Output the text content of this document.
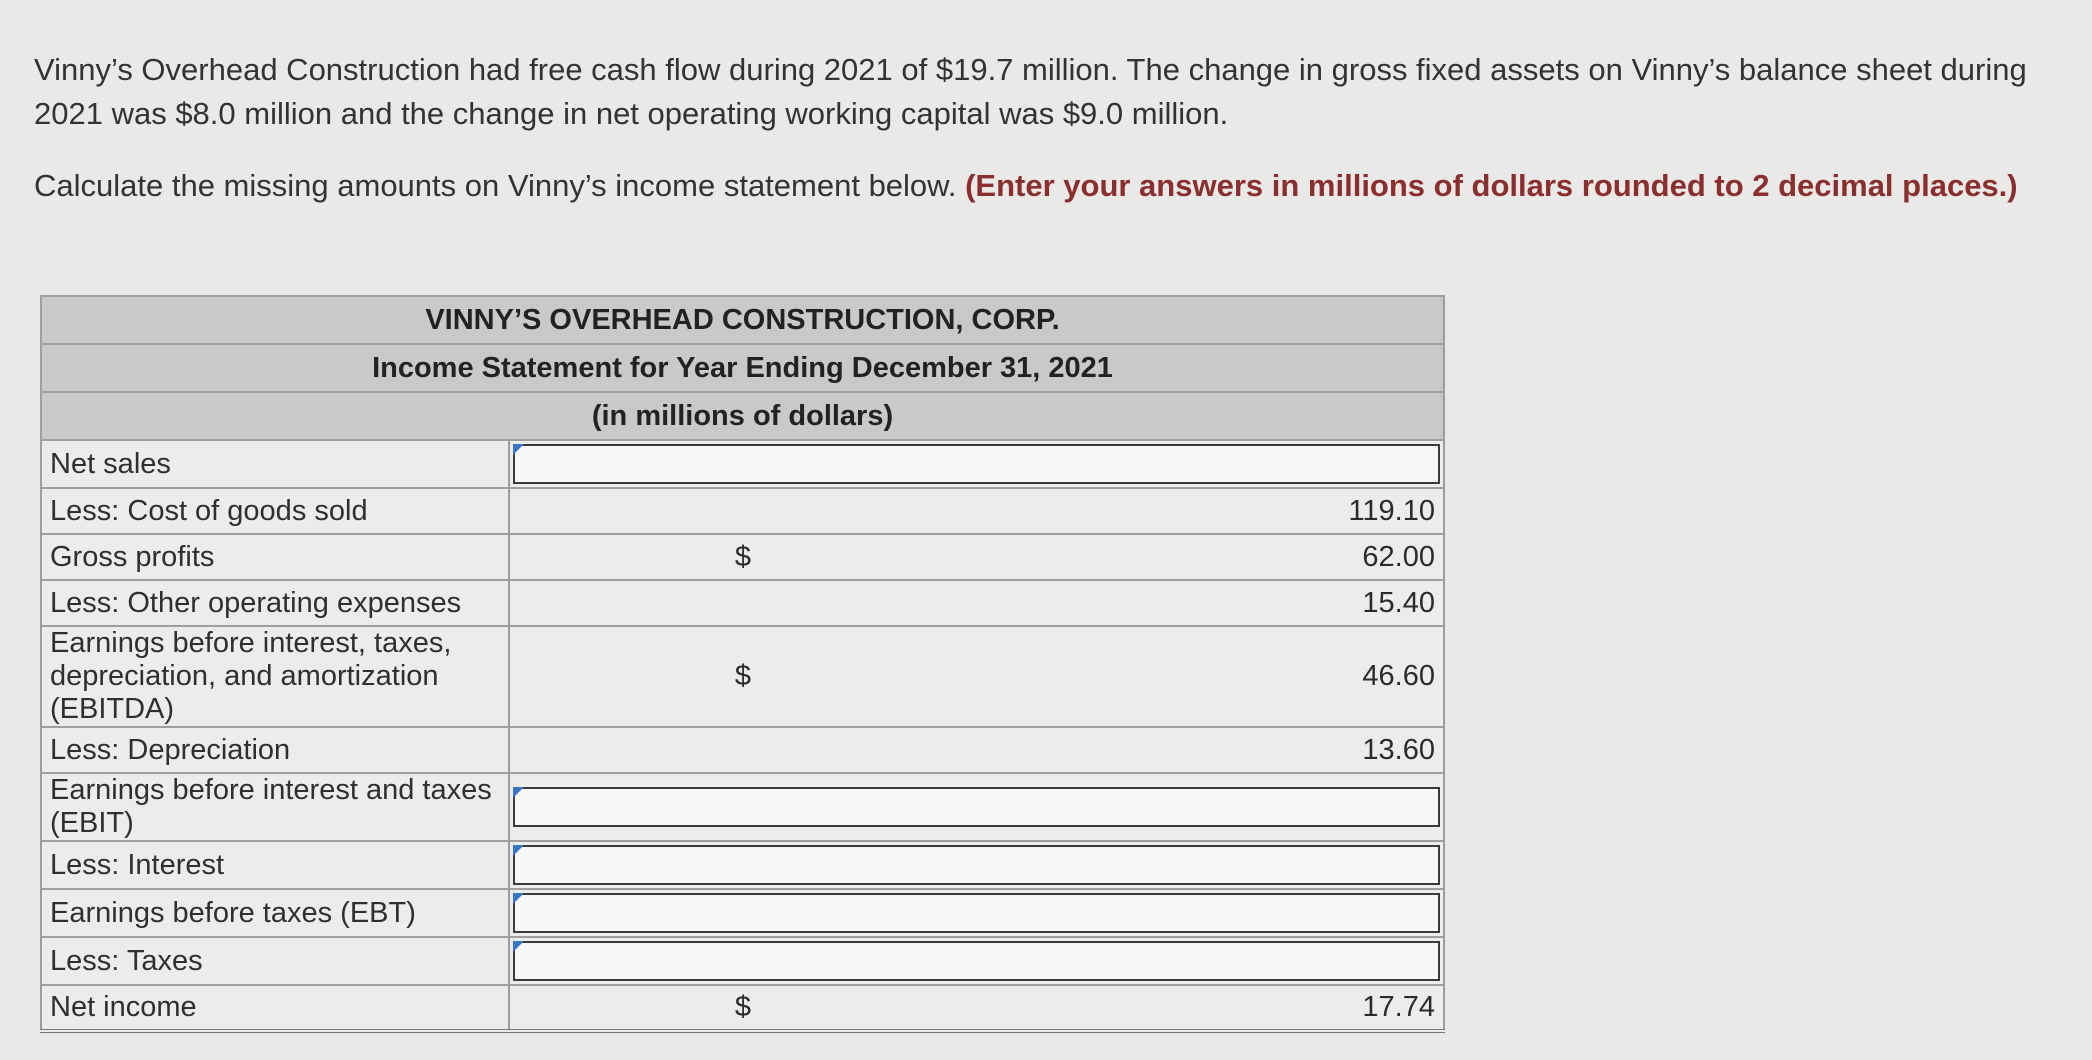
Vinny’s Overhead Construction had free cash flow during 2021 of $19.7 million. The change in gross fixed assets on Vinny’s balance sheet during 2021 was $8.0 million and the change in net operating working capital was $9.0 million.

Calculate the missing amounts on Vinny’s income statement below. (Enter your answers in millions of dollars rounded to 2 decimal places.)

VINNY’S OVERHEAD CONSTRUCTION, CORP.		
Income Statement for Year Ending December 31, 2021		
(in millions of dollars)		
Net sales	

Less: Cost of goods sold		119.10
Gross profits	$	62.00
Less: Other operating expenses		15.40
Earnings before interest, taxes, depreciation, and amortization (EBITDA)	$	46.60
Less: Depreciation		13.60
Earnings before interest and taxes (EBIT)	

Less: Interest	

Earnings before taxes (EBT)	

Less: Taxes	

Net income	$	17.74
